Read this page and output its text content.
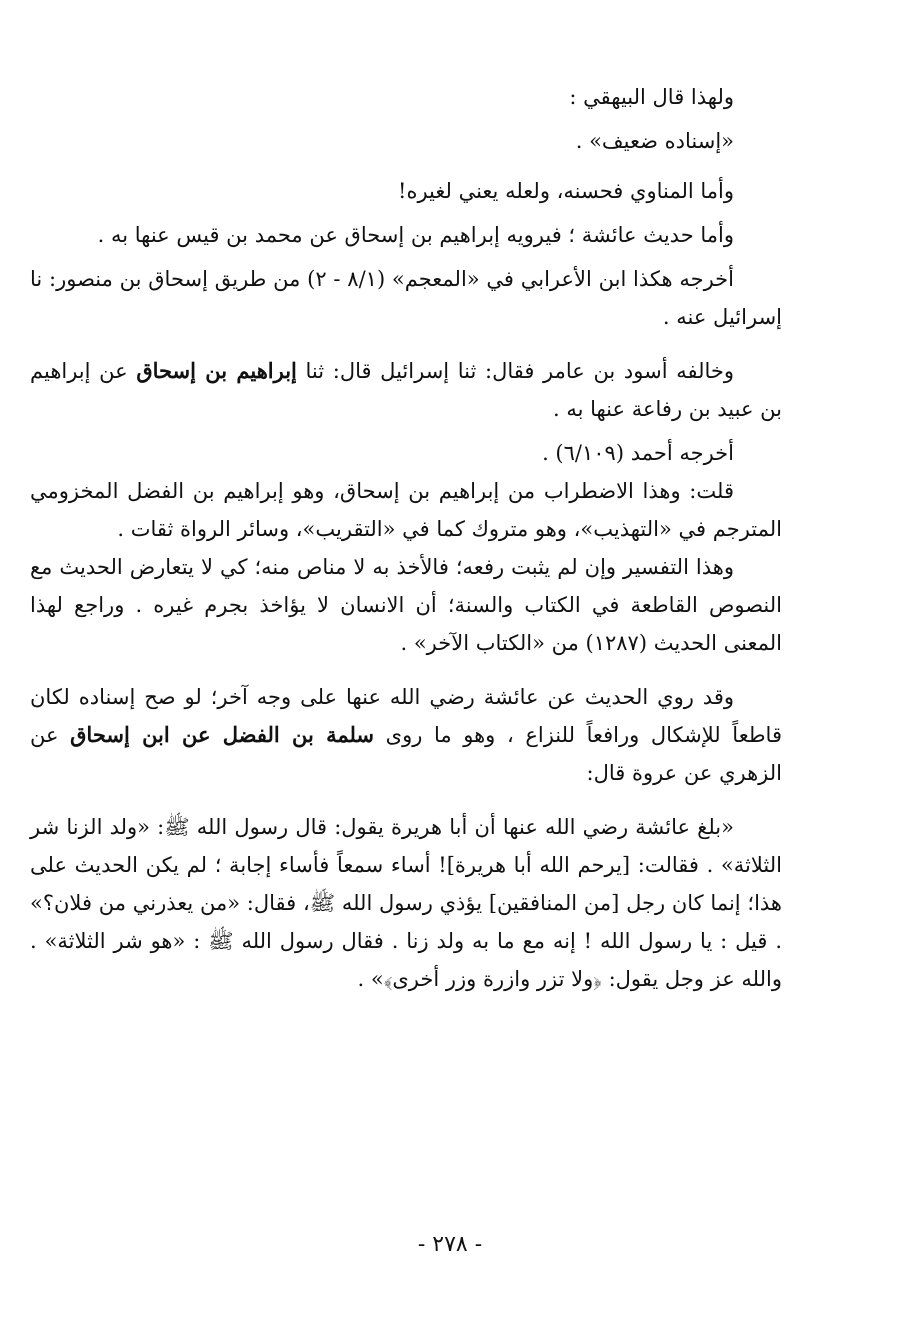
ولهذا قال البيهقي :

«إسناده ضعيف» .

وأما المناوي فحسنه، ولعله يعني لغيره!

وأما حديث عائشة ؛ فيرويه إبراهيم بن إسحاق عن محمد بن قيس عنها به .

أخرجه هكذا ابن الأعرابي في «المعجم» (٨/١ - ٢) من طريق إسحاق بن منصور: نا إسرائيل عنه .

وخالفه أسود بن عامر فقال: ثنا إسرائيل قال: ثنا إبراهيم بن إسحاق عن إبراهيم بن عبيد بن رفاعة عنها به .

أخرجه أحمد (٦/١٠٩) .

قلت: وهذا الاضطراب من إبراهيم بن إسحاق، وهو إبراهيم بن الفضل المخزومي المترجم في «التهذيب»، وهو متروك كما في «التقريب»، وسائر الرواة ثقات .

وهذا التفسير وإن لم يثبت رفعه؛ فالأخذ به لا مناص منه؛ كي لا يتعارض الحديث مع النصوص القاطعة في الكتاب والسنة؛ أن الانسان لا يؤاخذ بجرم غيره . وراجع لهذا المعنى الحديث (١٢٨٧) من «الكتاب الآخر» .

وقد روي الحديث عن عائشة رضي الله عنها على وجه آخر؛ لو صح إسناده لكان قاطعاً للإشكال ورافعاً للنزاع ، وهو ما روى سلمة بن الفضل عن ابن إسحاق عن الزهري عن عروة قال:

«بلغ عائشة رضي الله عنها أن أبا هريرة يقول: قال رسول الله ﷺ: «ولد الزنا شر الثلاثة» . فقالت: [يرحم الله أبا هريرة]! أساء سمعاً فأساء إجابة ؛ لم يكن الحديث على هذا؛ إنما كان رجل [من المنافقين] يؤذي رسول الله ﷺ، فقال: «من يعذرني من فلان؟» . قيل : يا رسول الله ! إنه مع ما به ولد زنا . فقال رسول الله ﷺ : «هو شر الثلاثة» . والله عز وجل يقول: ﴿ولا تزر وازرة وزر أخرى﴾» .

- ٢٧٨ -
